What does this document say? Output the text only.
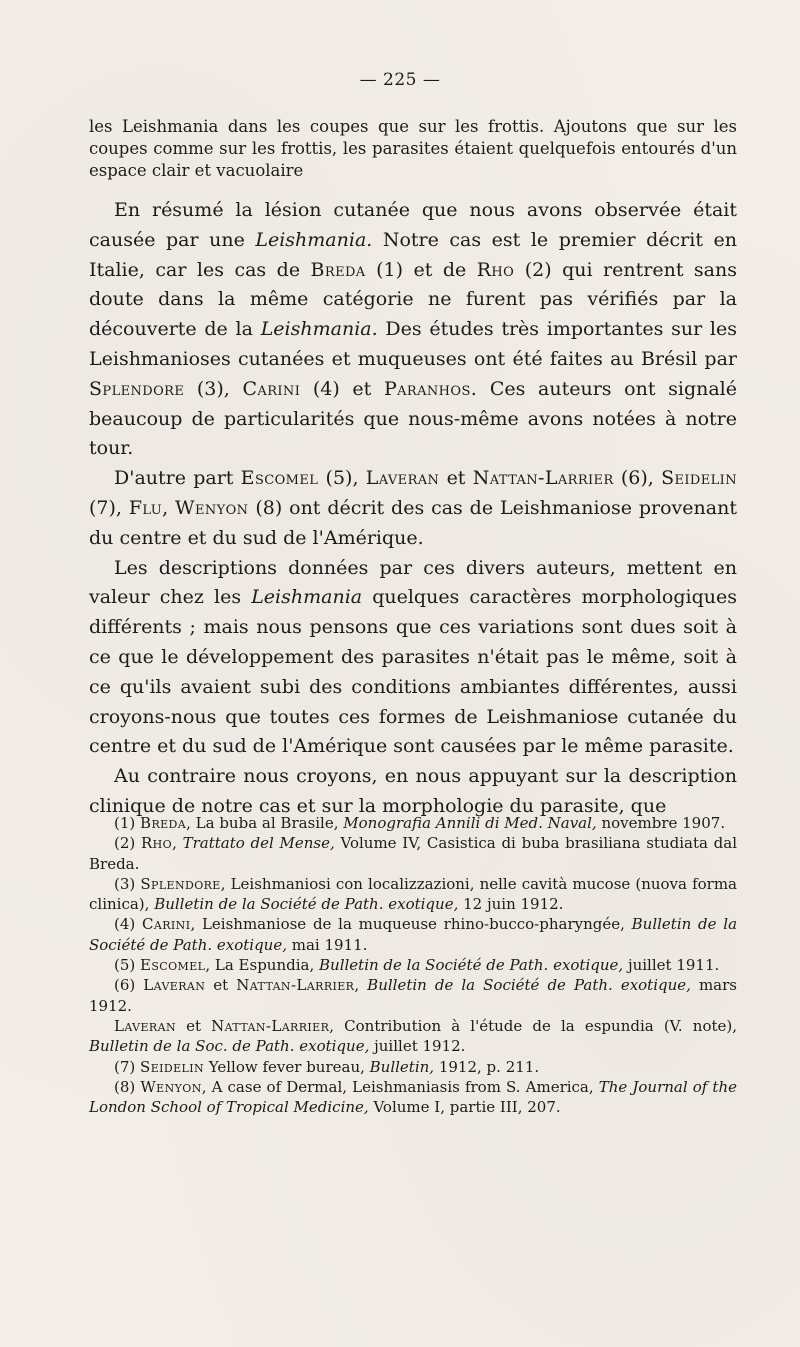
— 225 —

les Leishmania dans les coupes que sur les frottis. Ajoutons que sur les coupes comme sur les frottis, les parasites étaient quelquefois entourés d'un espace clair et vacuolaire

En résumé la lésion cutanée que nous avons observée était causée par une Leishmania. Notre cas est le premier décrit en Italie, car les cas de Breda (1) et de Rho (2) qui rentrent sans doute dans la même catégorie ne furent pas vérifiés par la découverte de la Leishmania. Des études très importantes sur les Leishmanioses cutanées et muqueuses ont été faites au Brésil par Splendore (3), Carini (4) et Paranhos. Ces auteurs ont signalé beaucoup de particularités que nous-même avons notées à notre tour.

D'autre part Escomel (5), Laveran et Nattan-Larrier (6), Seidelin (7), Flu, Wenyon (8) ont décrit des cas de Leishmaniose provenant du centre et du sud de l'Amérique.

Les descriptions données par ces divers auteurs, mettent en valeur chez les Leishmania quelques caractères morphologiques différents ; mais nous pensons que ces variations sont dues soit à ce que le développement des parasites n'était pas le même, soit à ce qu'ils avaient subi des conditions ambiantes différentes, aussi croyons-nous que toutes ces formes de Leishmaniose cutanée du centre et du sud de l'Amérique sont causées par le même parasite.

Au contraire nous croyons, en nous appuyant sur la description clinique de notre cas et sur la morphologie du parasite, que

(1) Breda, La buba al Brasile, Monografia Annili di Med. Naval, novembre 1907.

(2) Rho, Trattato del Mense, Volume IV, Casistica di buba brasiliana studiata dal Breda.

(3) Splendore, Leishmaniosi con localizzazioni, nelle cavità mucose (nuova forma clinica), Bulletin de la Société de Path. exotique, 12 juin 1912.

(4) Carini, Leishmaniose de la muqueuse rhino-bucco-pharyngée, Bulletin de la Société de Path. exotique, mai 1911.

(5) Escomel, La Espundia, Bulletin de la Société de Path. exotique, juillet 1911.

(6) Laveran et Nattan-Larrier, Bulletin de la Société de Path. exotique, mars 1912.

Laveran et Nattan-Larrier, Contribution à l'étude de la espundia (V. note), Bulletin de la Soc. de Path. exotique, juillet 1912.

(7) Seidelin Yellow fever bureau, Bulletin, 1912, p. 211.

(8) Wenyon, A case of Dermal, Leishmaniasis from S. America, The Journal of the London School of Tropical Medicine, Volume I, partie III, 207.
